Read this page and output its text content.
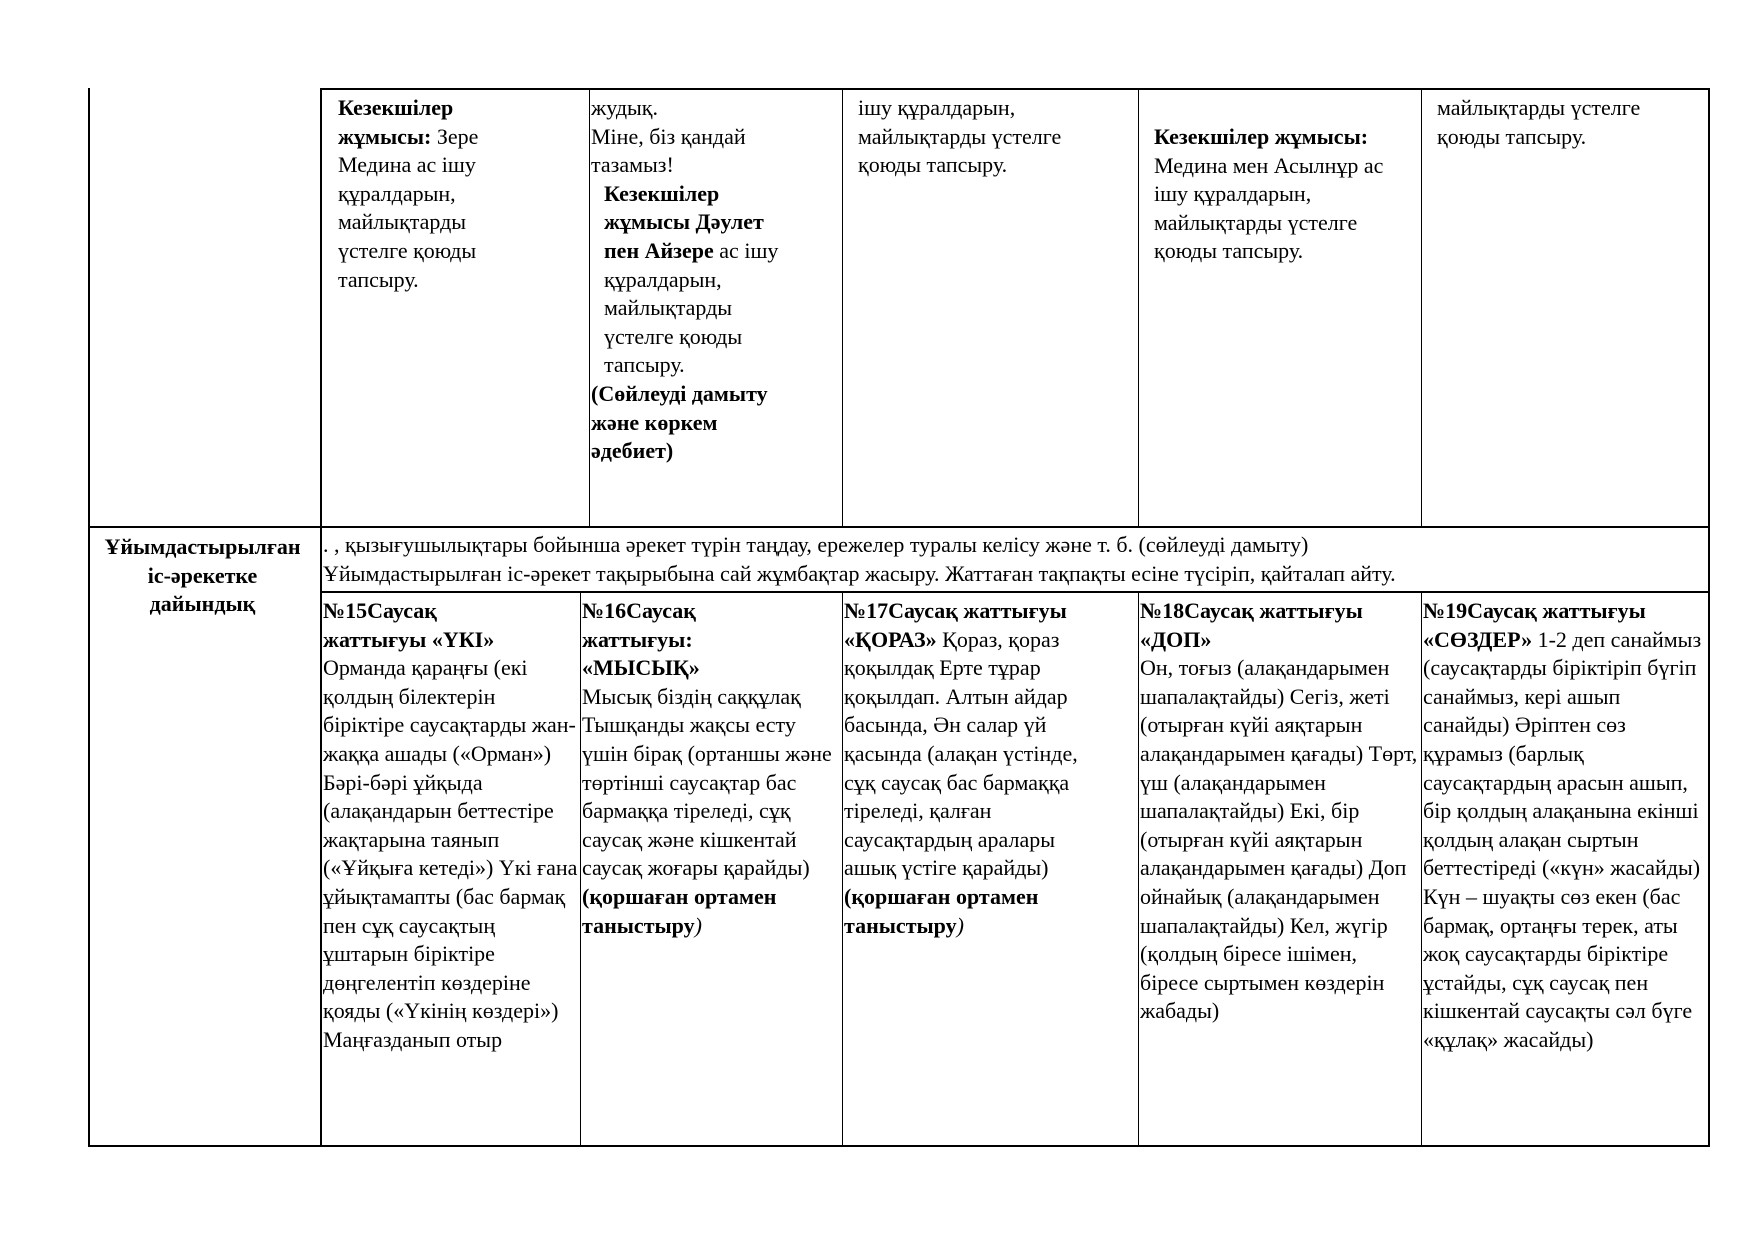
Кезекшілер жұмысы: Зере Медина ас ішу құралдарын, майлықтарды үстелге қоюды тапсыру.

жудық.

Міне, біз қандай тазамыз!

Кезекшілер жұмысы Дәулет пен Айзере ас ішу құралдарын, майлықтарды үстелге қоюды тапсыру.

(Сөйлеуді дамыту және көркем әдебиет)

ішу құралдарын, майлықтарды үстелге қоюды тапсыру.

Кезекшілер жұмысы:

Медина мен Асылнұр ас ішу құралдарын, майлықтарды үстелге қоюды тапсыру.

майлықтарды үстелге қоюды тапсыру.
Ұйымдастырылған іс-әрекетке дайындық

. , қызығушылықтары бойынша әрекет түрін таңдау, ережелер туралы келісу және т. б. (сөйлеуді дамыту)

Ұйымдастырылған іс-әрекет тақырыбына сай жұмбақтар жасыру. Жаттаған тақпақты есіне түсіріп, қайталап айту.

№15Саусақ жаттығуы «ҮКІ»

Орманда қараңғы (екі қолдың білектерін біріктіре саусақтарды жан-жаққа ашады («Орман») Бәрі-бәрі ұйқыда (алақандарын беттестіре жақтарына таянып («Ұйқыға кетеді») Үкі ғана ұйықтамапты (бас бармақ пен сұқ саусақтың ұштарын біріктіре дөңгелентіп көздеріне қояды («Үкінің көздері») Маңғазданып отыр

№16Саусақ жаттығуы: «МЫСЫҚ»

Мысық біздің саққұлақ Тышқанды жақсы есту үшін бірақ (ортаншы және төртінші саусақтар бас бармаққа тіреледі, сұқ саусақ және кішкентай саусақ жоғары қарайды)

(қоршаған ортамен таныстыру)

№17Саусақ жаттығуы «ҚОРАЗ» Қораз, қораз қоқылдақ Ерте тұрар қоқылдап. Алтын айдар басында, Ән салар үй қасында (алақан үстінде, сұқ саусақ бас бармаққа тіреледі, қалған саусақтардың аралары ашық үстіге қарайды)

(қоршаған ортамен таныстыру)

№18Саусақ жаттығуы «ДОП»

Он, тоғыз (алақандарымен шапалақтайды) Сегіз, жеті (отырған күйі аяқтарын алақандарымен қағады) Төрт, үш (алақандарымен шапалақтайды) Екі, бір (отырған күйі аяқтарын алақандарымен қағады) Доп ойнайық (алақандарымен шапалақтайды) Кел, жүгір (қолдың біресе ішімен, біресе сыртымен көздерін жабады)

№19Саусақ жаттығуы «СӨЗДЕР» 1-2 деп санаймыз (саусақтарды біріктіріп бүгіп санаймыз, кері ашып санайды) Әріптен сөз құрамыз (барлық саусақтардың арасын ашып, бір қолдың алақанына екінші қолдың алақан сыртын беттестіреді («күн» жасайды) Күн – шуақты сөз екен (бас бармақ, ортаңғы терек, аты жоқ саусақтарды біріктіре ұстайды, сұқ саусақ пен кішкентай саусақты сәл бүге «құлақ» жасайды)
